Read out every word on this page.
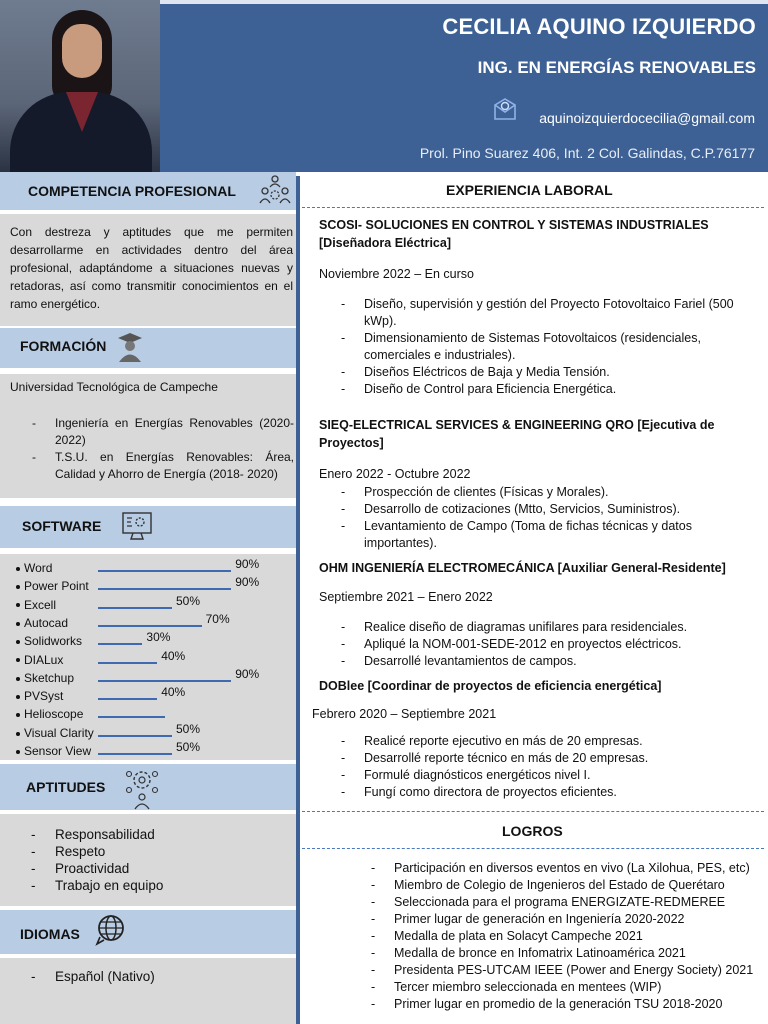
CECILIA AQUINO IZQUIERDO
ING. EN ENERGÍAS RENOVABLES
aquinoizquierdocecilia@gmail.com
Prol. Pino Suarez 406, Int. 2 Col. Galindas, C.P.76177
COMPETENCIA PROFESIONAL
Con destreza y aptitudes que me permiten desarrollarme en actividades dentro del área profesional, adaptándome a situaciones nuevas y retadoras, así como transmitir conocimientos en el ramo energético.
FORMACIÓN
Universidad Tecnológica de Campeche
- Ingeniería en Energías Renovables (2020-2022)
- T.S.U. en Energías Renovables: Área, Calidad y Ahorro de Energía (2018- 2020)
SOFTWARE
Word	90%
Power Point	90%
Excell	50%
Autocad	70%
Solidworks	30%
DIALux	40%
Sketchup	90%
PVSyst	40%
Helioscope
Visual Clarity	50%
Sensor View	50%
APTITUDES
- Responsabilidad
- Respeto
- Proactividad
- Trabajo en equipo
IDIOMAS
- Español (Nativo)
EXPERIENCIA LABORAL
SCOSI- SOLUCIONES EN CONTROL Y SISTEMAS INDUSTRIALES [Diseñadora Eléctrica]
Noviembre 2022 – En curso
- Diseño, supervisión y gestión del Proyecto Fotovoltaico Fariel (500 kWp).
- Dimensionamiento de Sistemas Fotovoltaicos (residenciales, comerciales e industriales).
- Diseños Eléctricos de Baja y Media Tensión.
- Diseño de Control para Eficiencia Energética.
SIEQ-ELECTRICAL SERVICES & ENGINEERING QRO [Ejecutiva de Proyectos]
Enero 2022 - Octubre 2022
- Prospección de clientes (Físicas y Morales).
- Desarrollo de cotizaciones (Mtto, Servicios, Suministros).
- Levantamiento de Campo (Toma de fichas técnicas y datos importantes).
OHM INGENIERÍA ELECTROMECÁNICA [Auxiliar General-Residente]
Septiembre 2021 – Enero 2022
- Realice diseño de diagramas unifilares para residenciales.
- Apliqué la NOM-001-SEDE-2012 en proyectos eléctricos.
- Desarrollé levantamientos de campos.
DOBlee [Coordinar de proyectos de eficiencia energética]
Febrero 2020 – Septiembre 2021
- Realicé reporte ejecutivo en más de 20 empresas.
- Desarrollé reporte técnico en más de 20 empresas.
- Formulé diagnósticos energéticos nivel I.
- Fungí como directora de proyectos eficientes.
LOGROS
- Participación en diversos eventos en vivo (La Xilohua, PES, etc)
- Miembro de Colegio de Ingenieros del Estado de Querétaro
- Seleccionada para el programa ENERGIZATE-REDMEREE
- Primer lugar de generación en Ingeniería 2020-2022
- Medalla de plata en Solacyt Campeche 2021
- Medalla de bronce en Infomatrix Latinoamérica 2021
- Presidenta PES-UTCAM IEEE (Power and Energy Society) 2021
- Tercer miembro seleccionada en mentees (WIP)
- Primer lugar en promedio de la generación TSU 2018-2020
